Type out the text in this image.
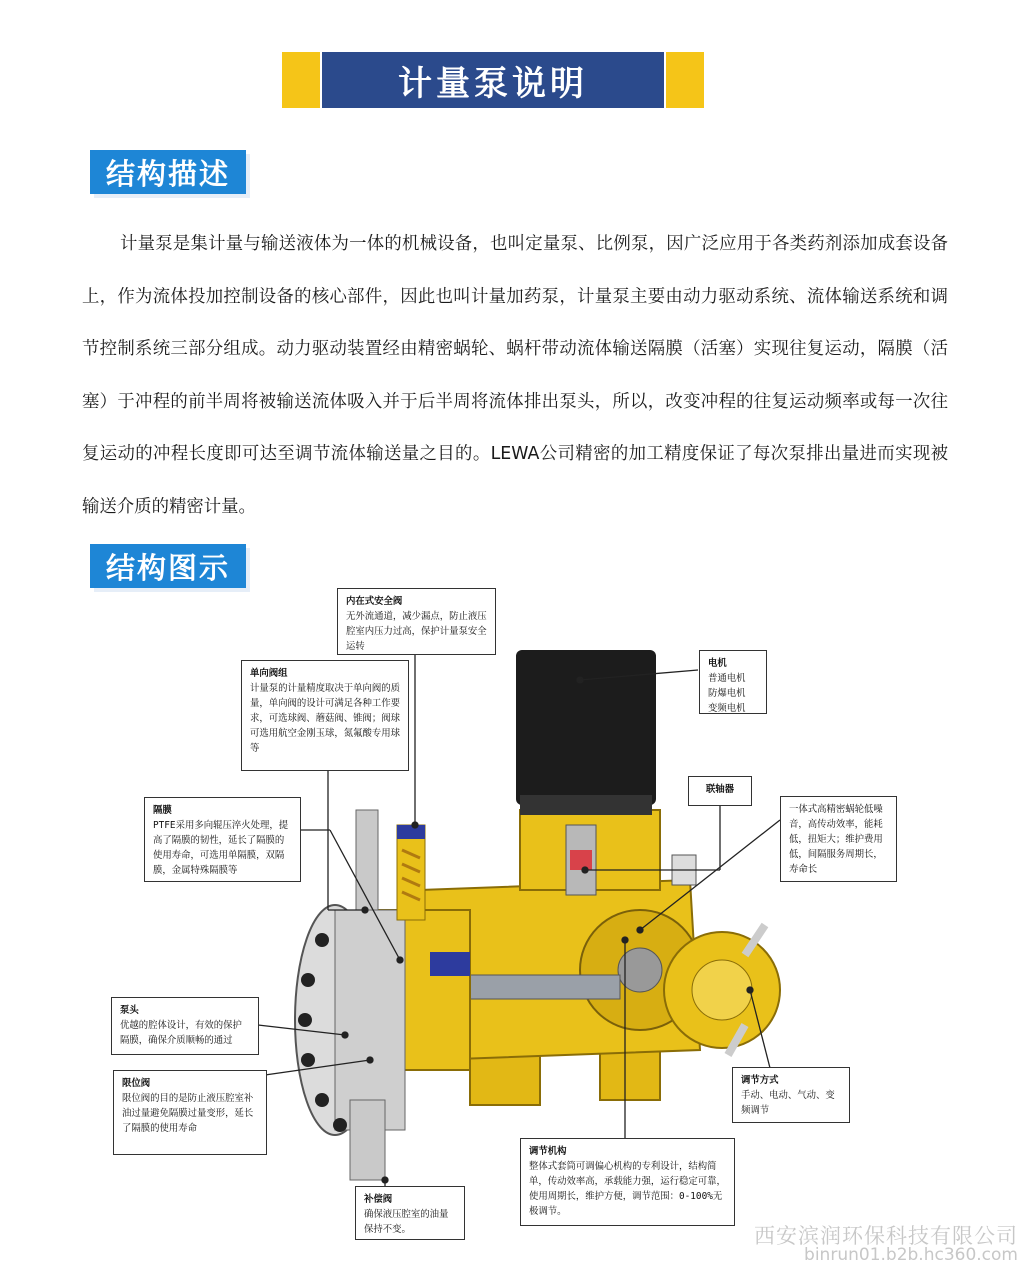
计量泵说明
结构描述
计量泵是集计量与输送液体为一体的机械设备，也叫定量泵、比例泵，因广泛应用于各类药剂添加成套设备上，作为流体投加控制设备的核心部件，因此也叫计量加药泵，计量泵主要由动力驱动系统、流体输送系统和调节控制系统三部分组成。动力驱动装置经由精密蜗轮、蜗杆带动流体输送隔膜（活塞）实现往复运动，隔膜（活塞）于冲程的前半周将被输送流体吸入并于后半周将流体排出泵头，所以，改变冲程的往复运动频率或每一次往复运动的冲程长度即可达至调节流体输送量之目的。LEWA公司精密的加工精度保证了每次泵排出量进而实现被输送介质的精密计量。
结构图示
内在式安全阀
无外流通道，减少漏点，防止液压腔室内压力过高，保护计量泵安全运转
单向阀组
计量泵的计量精度取决于单向阀的质量，单向阀的设计可满足各种工作要求，可选球阀、蘑菇阀、锥阀；阀球可选用航空金刚玉球，氮氟酸专用球等
电机
普通电机 防爆电机 变频电机
联轴器
一体式高精密蜗轮低噪音，高传动效率，能耗低，扭矩大；维护费用低，间隔服务周期长，寿命长
隔膜
PTFE采用多向辊压淬火处理，提高了隔膜的韧性，延长了隔膜的使用寿命，可选用单隔膜，双隔膜，金属特殊隔膜等
泵头
优越的腔体设计，有效的保护隔膜，确保介质顺畅的通过
限位阀
限位阀的目的是防止液压腔室补油过量避免隔膜过量变形，延长了隔膜的使用寿命
调节方式
手动、电动、气动、变频调节
调节机构
整体式套筒可调偏心机构的专利设计，结构简单，传动效率高，承载能力强，运行稳定可靠，使用周期长，维护方便，调节范围：0-100%无极调节。
补偿阀
确保液压腔室的油量保持不变。	西安滨润环保科技有限公司
binrun01.b2b.hc360.com
